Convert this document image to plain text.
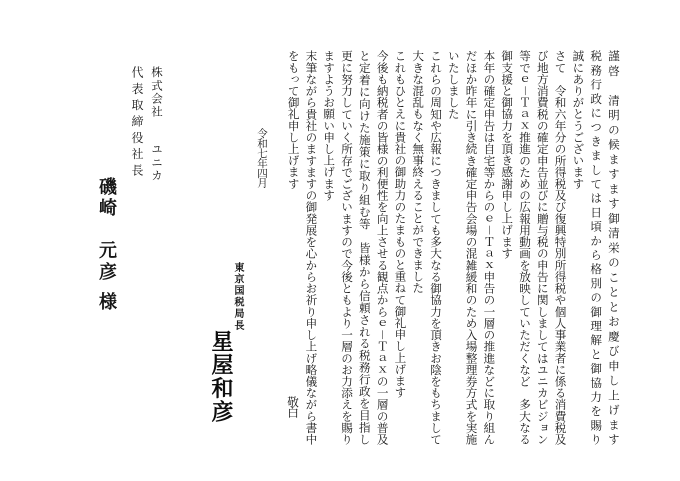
謹啓　清明の候ますます御清栄のこととお慶び申し上げます
税務行政につきましては日頃から格別の御理解と御協力を賜り
誠にありがとうございます
さて　令和六年分の所得税及び復興特別所得税や個人事業者に係る消費税及
び地方消費税の確定申告並びに贈与税の申告に関しましてはユニカビジョン
等でｅ－Ｔａｘ推進のための広報用動画を放映していただくなど　多大なる
御支援と御協力を頂き感謝申し上げます
本年の確定申告は自宅等からのｅ－Ｔａｘ申告の一層の推進などに取り組ん
だほか昨年に引き続き確定申告会場の混雑緩和のため入場整理券方式を実施
いたしました
これらの周知や広報につきましても多大なる御協力を頂きお陰をもちまして
大きな混乱もなく無事終えることができました
これもひとえに貴社の御助力のたまものと重ねて御礼申し上げます
今後も納税者の皆様の利便性を向上させる観点からｅ－Ｔａｘの一層の普及
と定着に向けた施策に取り組む等　皆様から信頼される税務行政を目指し
更に努力していく所存でございますので今後ともより一層のお力添えを賜り
ますようお願い申し上げます
末筆ながら貴社のますますの御発展を心からお祈り申し上げ略儀ながら書中
をもって御礼申し上げます
敬白
令和七年四月
東京国税局長
星屋和彦
株式会社
ユニカ
代表取締役社長
磯崎　元彦
様
